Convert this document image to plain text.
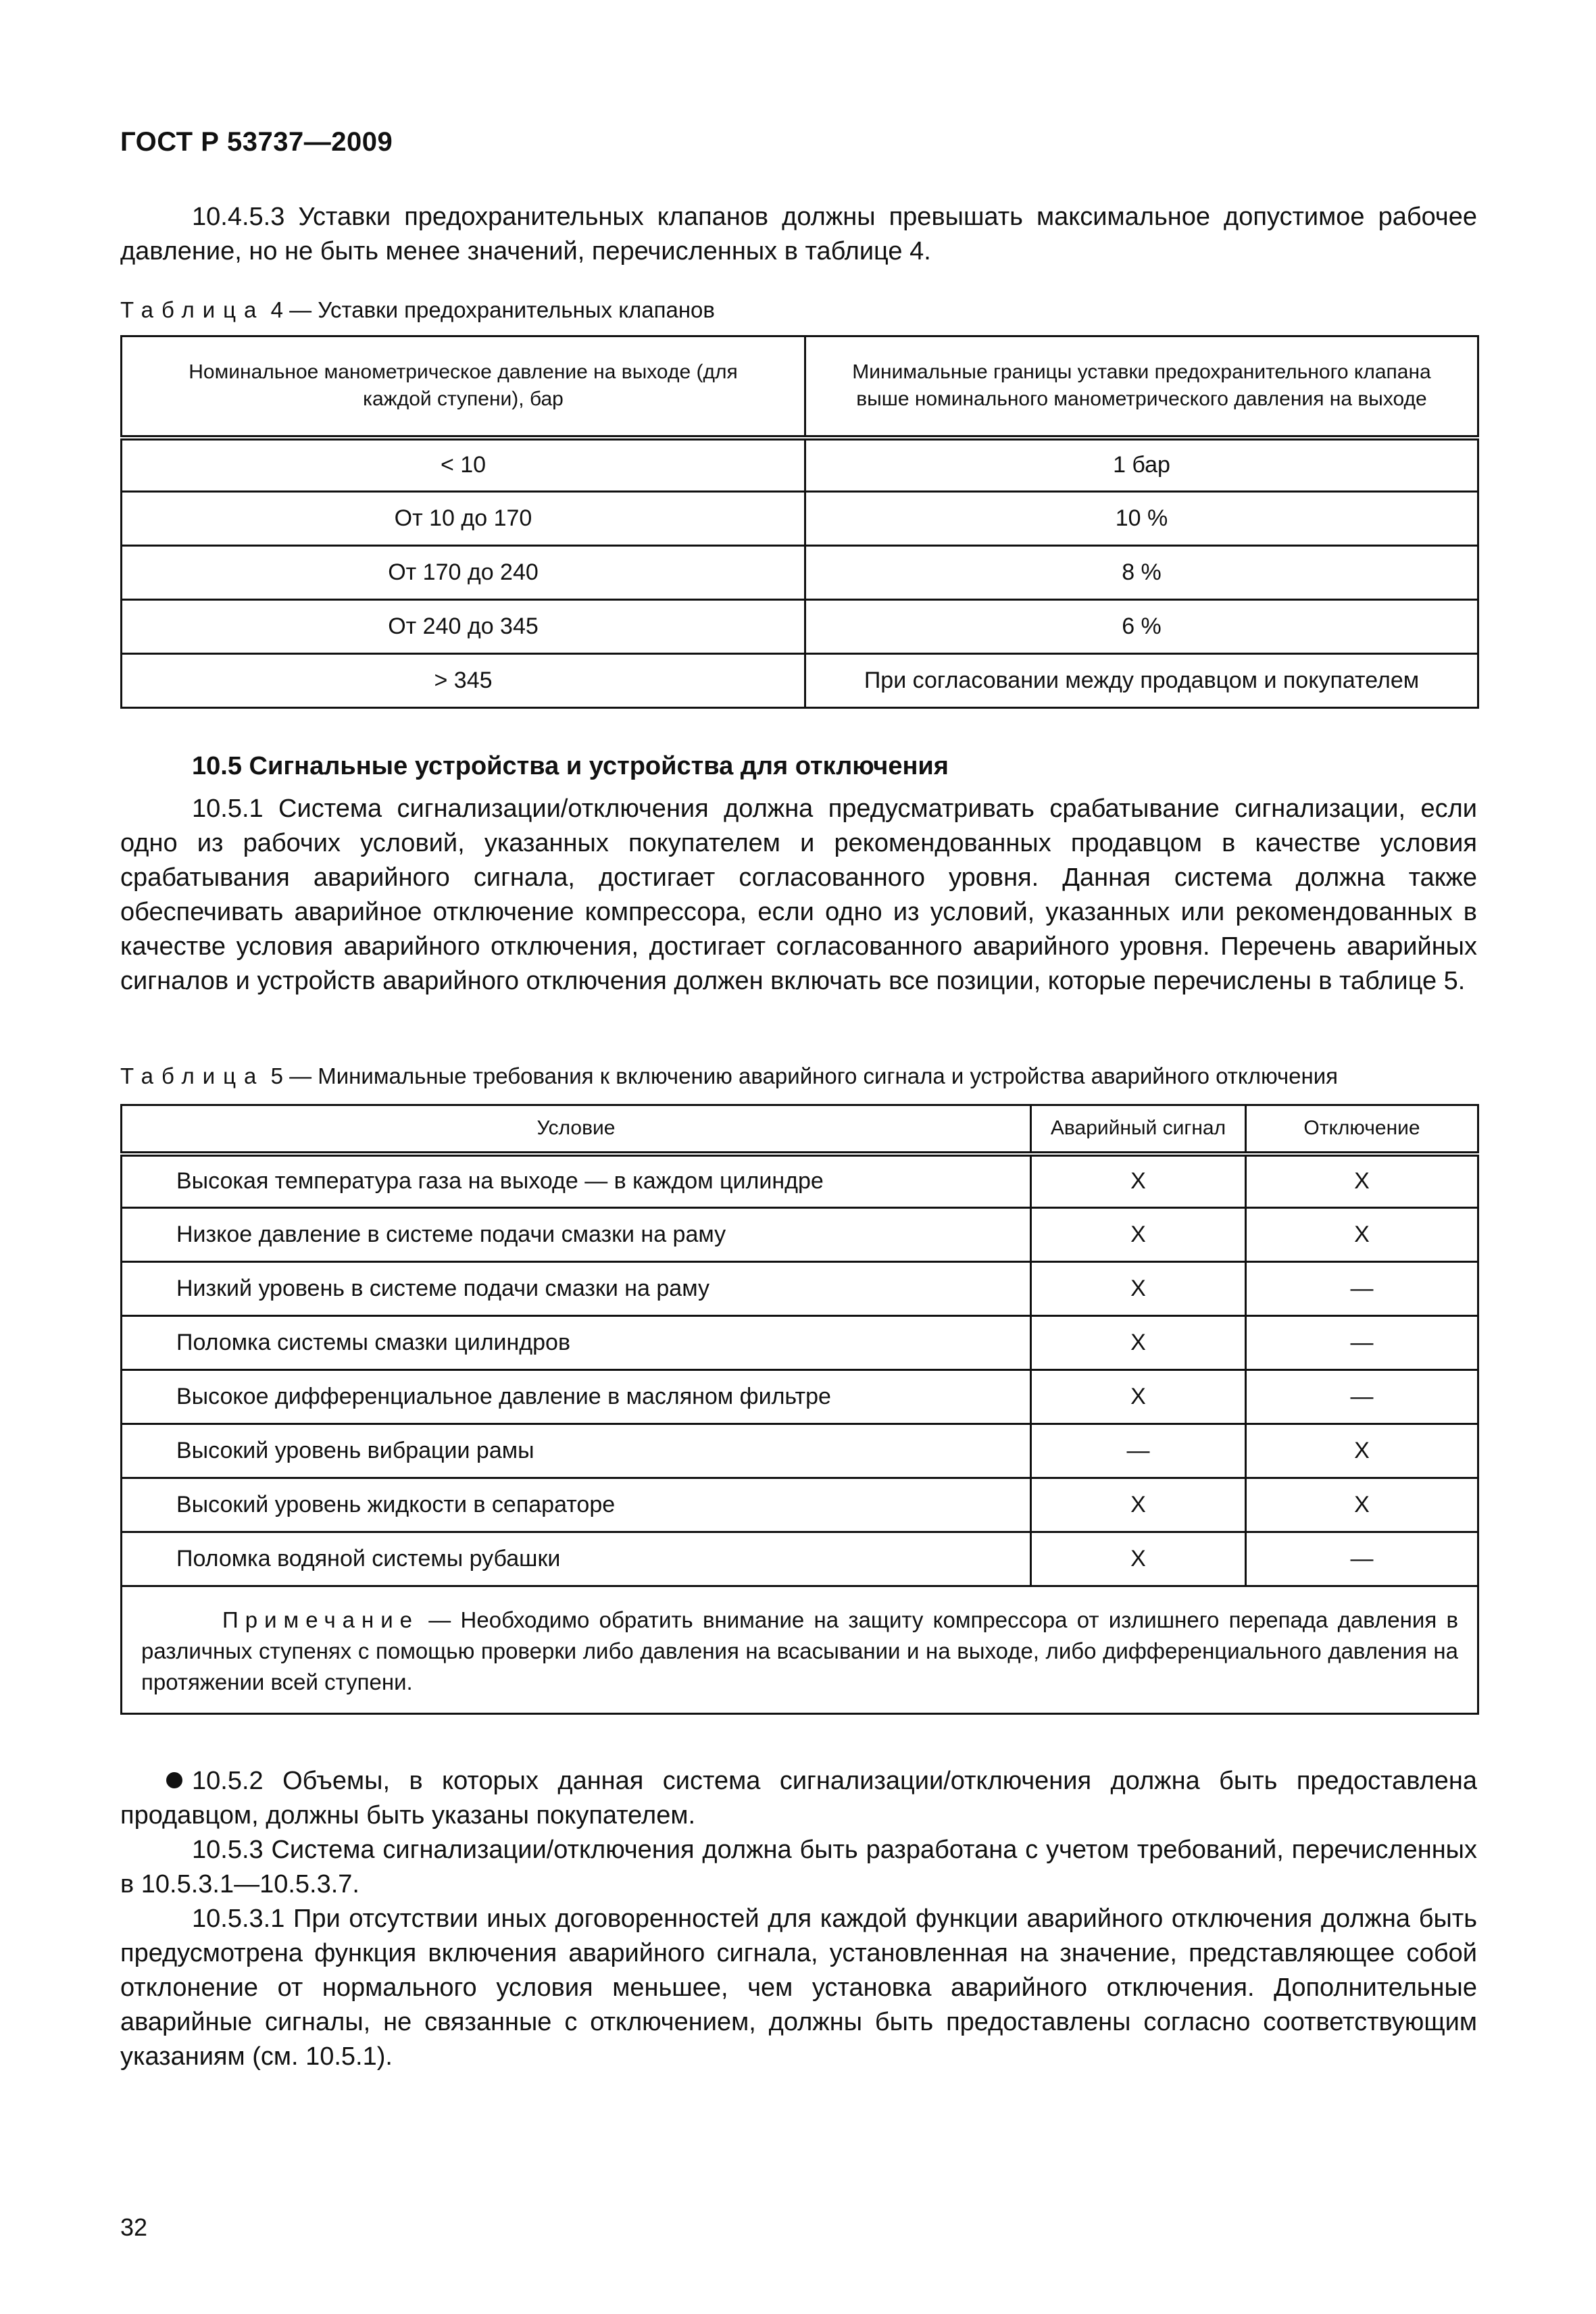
ГОСТ Р 53737—2009
10.4.5.3 Уставки предохранительных клапанов должны превышать максимальное допустимое рабочее давление, но не быть менее значений, перечисленных в таблице 4.
Таблица 4 — Уставки предохранительных клапанов
Номинальное манометрическое давление на выходе (для каждой ступени), бар	Минимальные границы уставки предохранительного клапана выше номинального манометрического давления на выходе
< 10	1 бар
От 10 до 170	10 %
От 170 до 240	8 %
От 240 до 345	6 %
> 345	При согласовании между продавцом и покупателем
10.5 Сигнальные устройства и устройства для отключения
10.5.1 Система сигнализации/отключения должна предусматривать срабатывание сигнализации, если одно из рабочих условий, указанных покупателем и рекомендованных продавцом в качестве условия срабатывания аварийного сигнала, достигает согласованного уровня. Данная система должна также обеспечивать аварийное отключение компрессора, если одно из условий, указанных или рекомендованных в качестве условия аварийного отключения, достигает согласованного аварийного уровня. Перечень аварийных сигналов и устройств аварийного отключения должен включать все позиции, которые перечислены в таблице 5.
Таблица 5 — Минимальные требования к включению аварийного сигнала и устройства аварийного отключения
Условие	Аварийный сигнал	Отключение
Высокая температура газа на выходе — в каждом цилиндре	X	X
Низкое давление в системе подачи смазки на раму	X	X
Низкий уровень в системе подачи смазки на раму	X	—
Поломка системы смазки цилиндров	X	—
Высокое дифференциальное давление в масляном фильтре	X	—
Высокий уровень вибрации рамы	—	X
Высокий уровень жидкости в сепараторе	X	X
Поломка водяной системы рубашки	X	—
Примечание — Необходимо обратить внимание на защиту компрессора от излишнего перепада давления в различных ступенях с помощью проверки либо давления на всасывании и на выходе, либо дифференциального давления на протяжении всей ступени.		
10.5.2 Объемы, в которых данная система сигнализации/отключения должна быть предоставлена продавцом, должны быть указаны покупателем.
10.5.3 Система сигнализации/отключения должна быть разработана с учетом требований, перечисленных в 10.5.3.1—10.5.3.7.
10.5.3.1 При отсутствии иных договоренностей для каждой функции аварийного отключения должна быть предусмотрена функция включения аварийного сигнала, установленная на значение, представляющее собой отклонение от нормального условия меньшее, чем установка аварийного отключения. Дополнительные аварийные сигналы, не связанные с отключением, должны быть предоставлены согласно соответствующим указаниям (см. 10.5.1).
32
